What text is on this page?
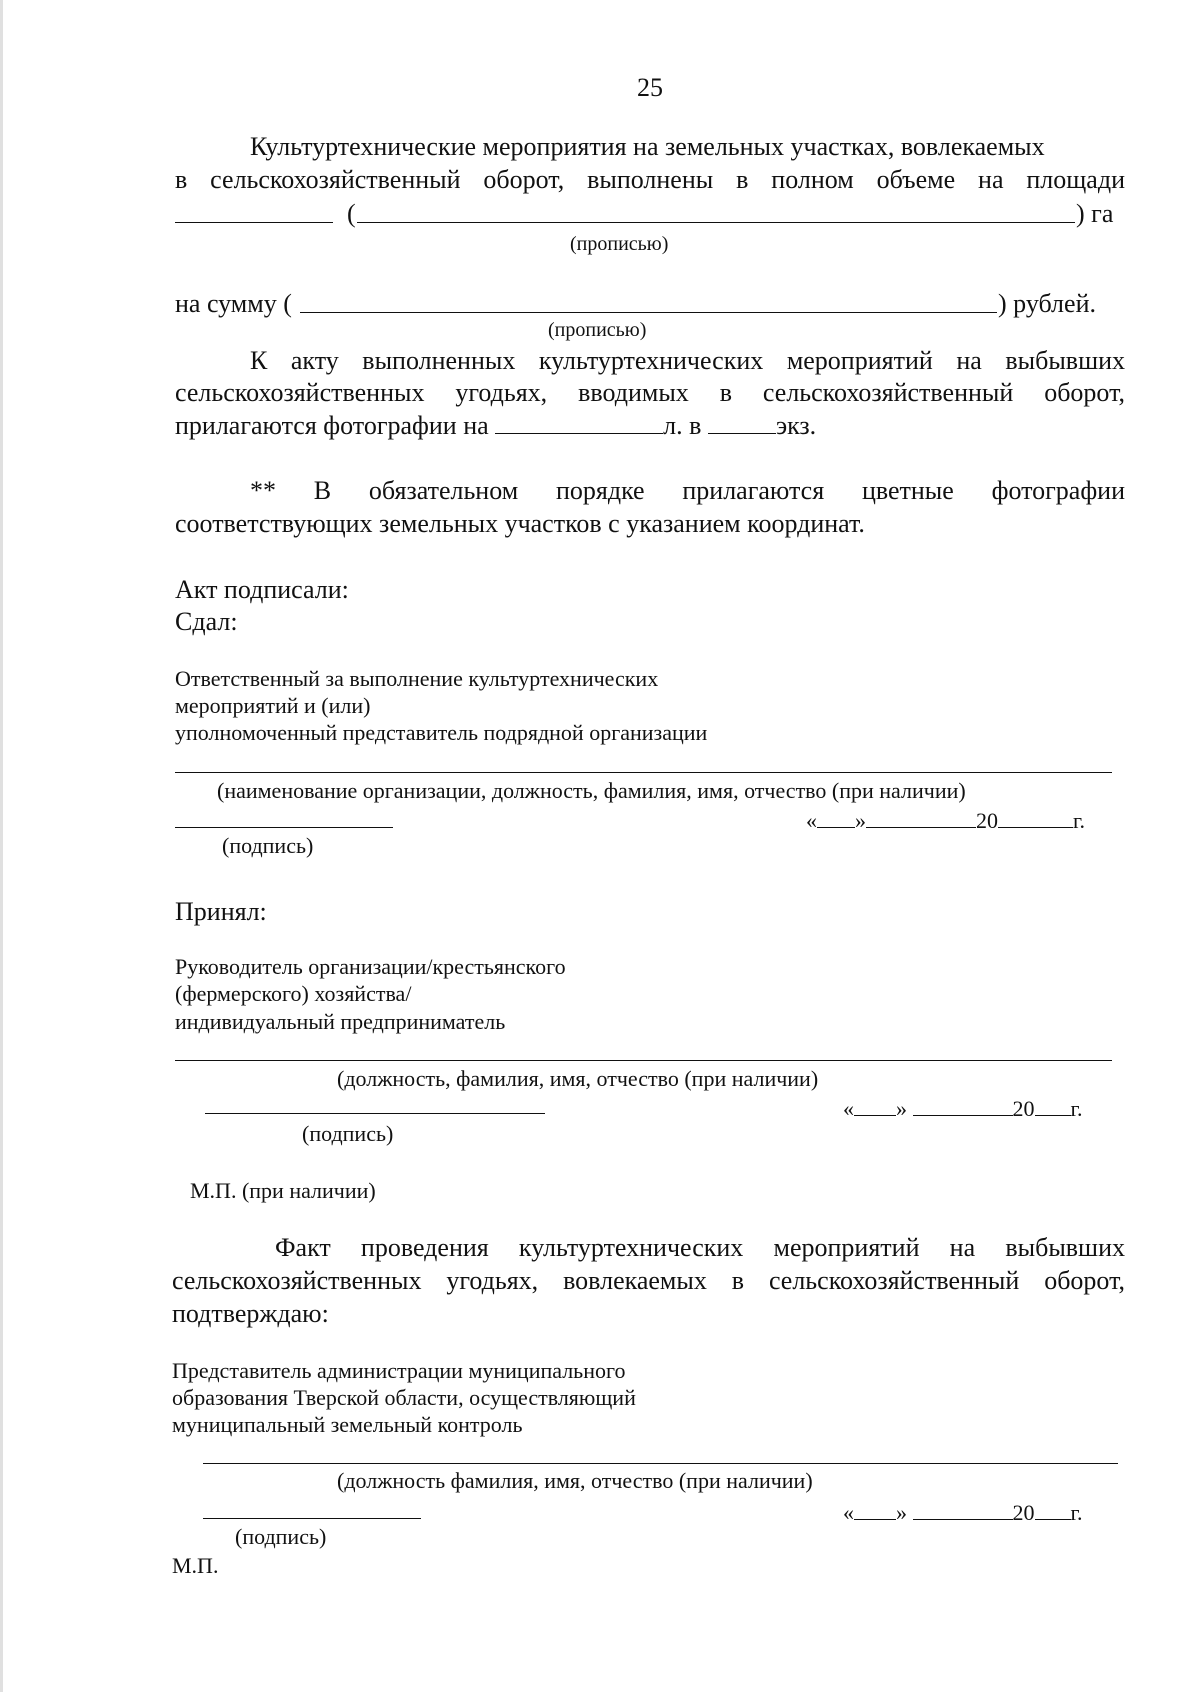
25
Культуртехнические мероприятия на земельных участках, вовлекаемых
в сельскохозяйственный оборот, выполнены в полном объеме на площади
(	) га
(прописью)
на сумму (	) рублей.
(прописью)
К акту выполненных культуртехнических мероприятий на выбывших
сельскохозяйственных угодьях, вводимых в сельскохозяйственный оборот,
прилагаются фотографии на	л. в	экз.
** В обязательном порядке прилагаются цветные фотографии
соответствующих земельных участков с указанием координат.
Акт подписали:
Сдал:
Ответственный за выполнение культуртехнических
мероприятий и (или)
уполномоченный представитель подрядной организации
(наименование организации, должность, фамилия, имя, отчество (при наличии)
« »	20	г.
(подпись)
Принял:
Руководитель организации/крестьянского
(фермерского) хозяйства/
индивидуальный предприниматель
(должность, фамилия, имя, отчество (при наличии)
« »	20 г.
(подпись)
М.П. (при наличии)
Факт проведения культуртехнических мероприятий на выбывших
сельскохозяйственных угодьях, вовлекаемых в сельскохозяйственный оборот,
подтверждаю:
Представитель администрации муниципального
образования Тверской области, осуществляющий
муниципальный земельный контроль
(должность фамилия, имя, отчество (при наличии)
« »	20 г.
(подпись)
М.П.
